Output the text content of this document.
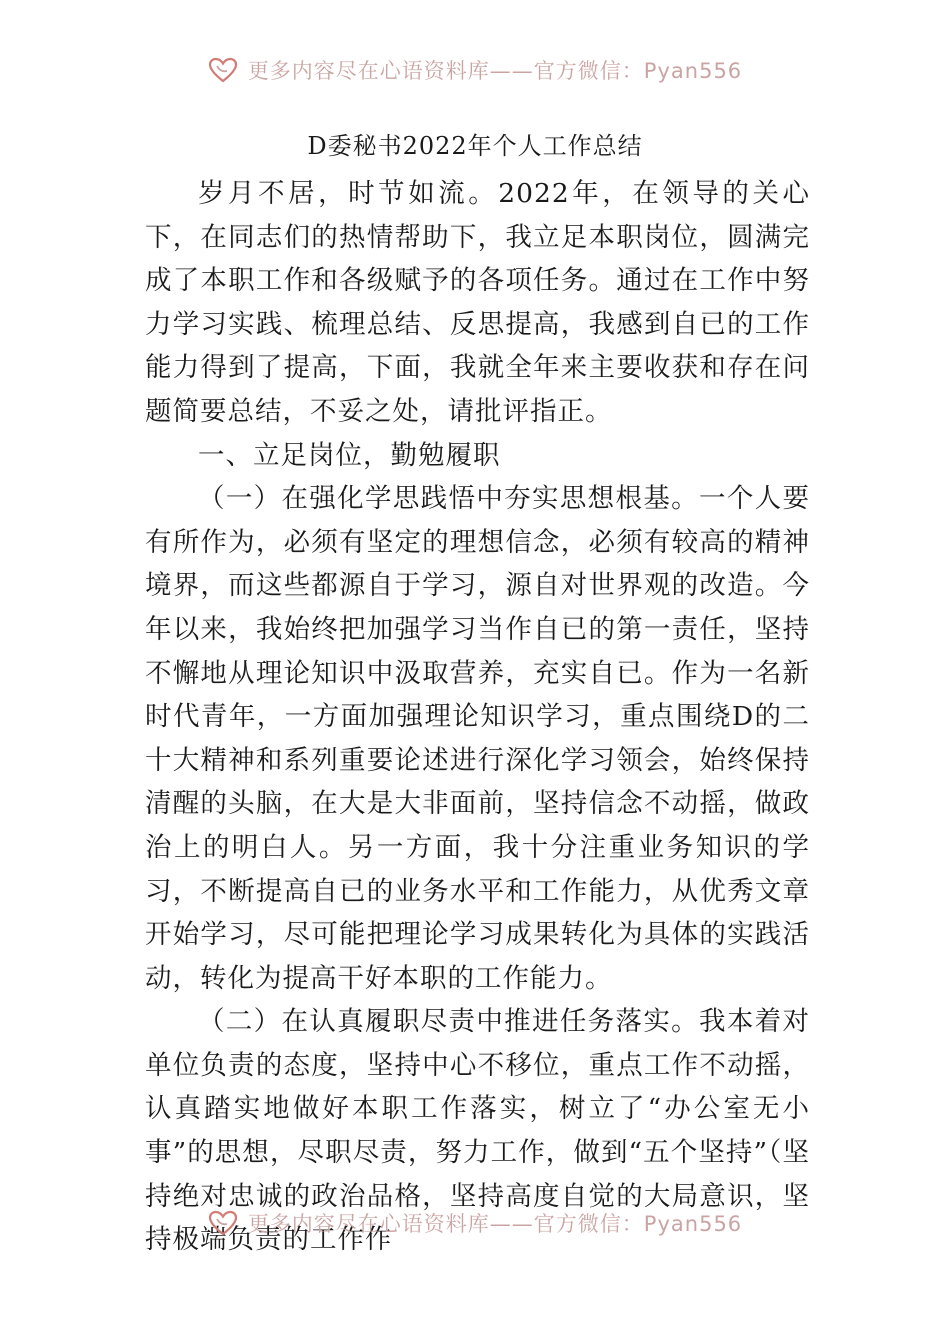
更多内容尽在心语资料库——官方微信：Pyan556
D委秘书2022年个人工作总结

岁月不居，时节如流。2022年，在领导的关心下，在同志们的热情帮助下，我立足本职岗位，圆满完成了本职工作和各级赋予的各项任务。通过在工作中努力学习实践、梳理总结、反思提高，我感到自已的工作能力得到了提高，下面，我就全年来主要收获和存在问题简要总结，不妥之处，请批评指正。

一、立足岗位，勤勉履职

（一）在强化学思践悟中夯实思想根基。一个人要有所作为，必须有坚定的理想信念，必须有较高的精神境界，而这些都源自于学习，源自对世界观的改造。今年以来，我始终把加强学习当作自已的第一责任，坚持不懈地从理论知识中汲取营养，充实自已。作为一名新时代青年，一方面加强理论知识学习，重点围绕D的二十大精神和系列重要论述进行深化学习领会，始终保持清醒的头脑，在大是大非面前，坚持信念不动摇，做政治上的明白人。另一方面，我十分注重业务知识的学习，不断提高自已的业务水平和工作能力，从优秀文章开始学习，尽可能把理论学习成果转化为具体的实践活动，转化为提高干好本职的工作能力。

（二）在认真履职尽责中推进任务落实。我本着对单位负责的态度，坚持中心不移位，重点工作不动摇，认真踏实地做好本职工作落实，树立了“办公室无小事”的思想，尽职尽责，努力工作，做到“五个坚持”（坚持绝对忠诚的政治品格，坚持高度自觉的大局意识，坚持极端负责的工作作

更多内容尽在心语资料库——官方微信：Pyan556
